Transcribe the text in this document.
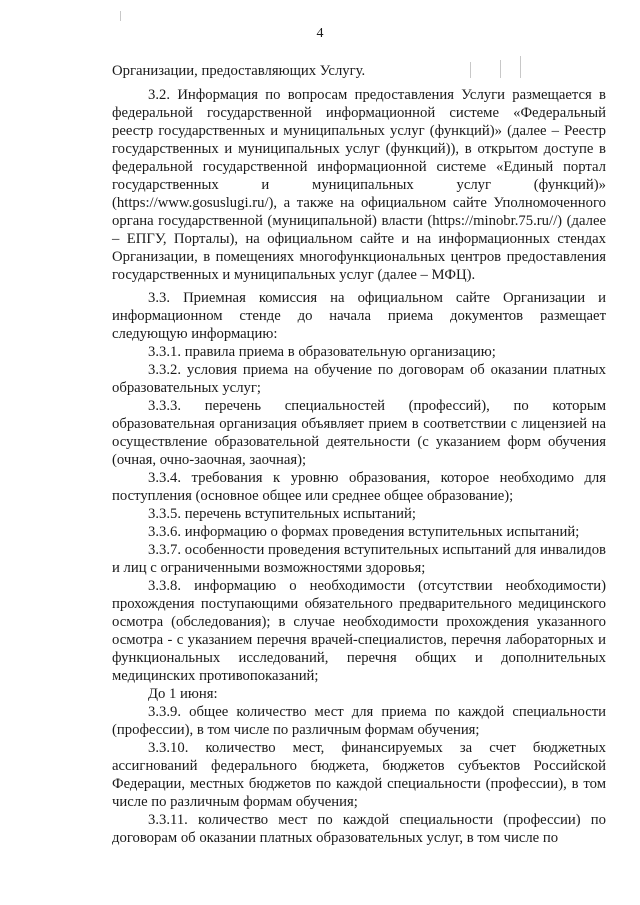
4

Организации, предоставляющих Услугу.

3.2. Информация по вопросам предоставления Услуги размещается в федеральной государственной информационной системе «Федеральный реестр государственных и муниципальных услуг (функций)» (далее – Реестр государственных и муниципальных услуг (функций)), в открытом доступе в федеральной государственной информационной системе «Единый портал государственных и муниципальных услуг (функций)» (https://www.gosuslugi.ru/), а также на официальном сайте Уполномоченного органа государственной (муниципальной) власти (https://minobr.75.ru//) (далее – ЕПГУ, Порталы), на официальном сайте и на информационных стендах Организации, в помещениях многофункциональных центров предоставления государственных и муниципальных услуг (далее – МФЦ).

3.3. Приемная комиссия на официальном сайте Организации и информационном стенде до начала приема документов размещает следующую информацию:

3.3.1. правила приема в образовательную организацию;

3.3.2. условия приема на обучение по договорам об оказании платных образовательных услуг;

3.3.3. перечень специальностей (профессий), по которым образовательная организация объявляет прием в соответствии с лицензией на осуществление образовательной деятельности (с указанием форм обучения (очная, очно-заочная, заочная);

3.3.4. требования к уровню образования, которое необходимо для поступления (основное общее или среднее общее образование);

3.3.5. перечень вступительных испытаний;

3.3.6. информацию о формах проведения вступительных испытаний;

3.3.7. особенности проведения вступительных испытаний для инвалидов и лиц с ограниченными возможностями здоровья;

3.3.8. информацию о необходимости (отсутствии необходимости) прохождения поступающими обязательного предварительного медицинского осмотра (обследования); в случае необходимости прохождения указанного осмотра - с указанием перечня врачей-специалистов, перечня лабораторных и функциональных исследований, перечня общих и дополнительных медицинских противопоказаний;

До 1 июня:

3.3.9. общее количество мест для приема по каждой специальности (профессии), в том числе по различным формам обучения;

3.3.10. количество мест, финансируемых за счет бюджетных ассигнований федерального бюджета, бюджетов субъектов Российской Федерации, местных бюджетов по каждой специальности (профессии), в том числе по различным формам обучения;

3.3.11. количество мест по каждой специальности (профессии) по договорам об оказании платных образовательных услуг, в том числе по
